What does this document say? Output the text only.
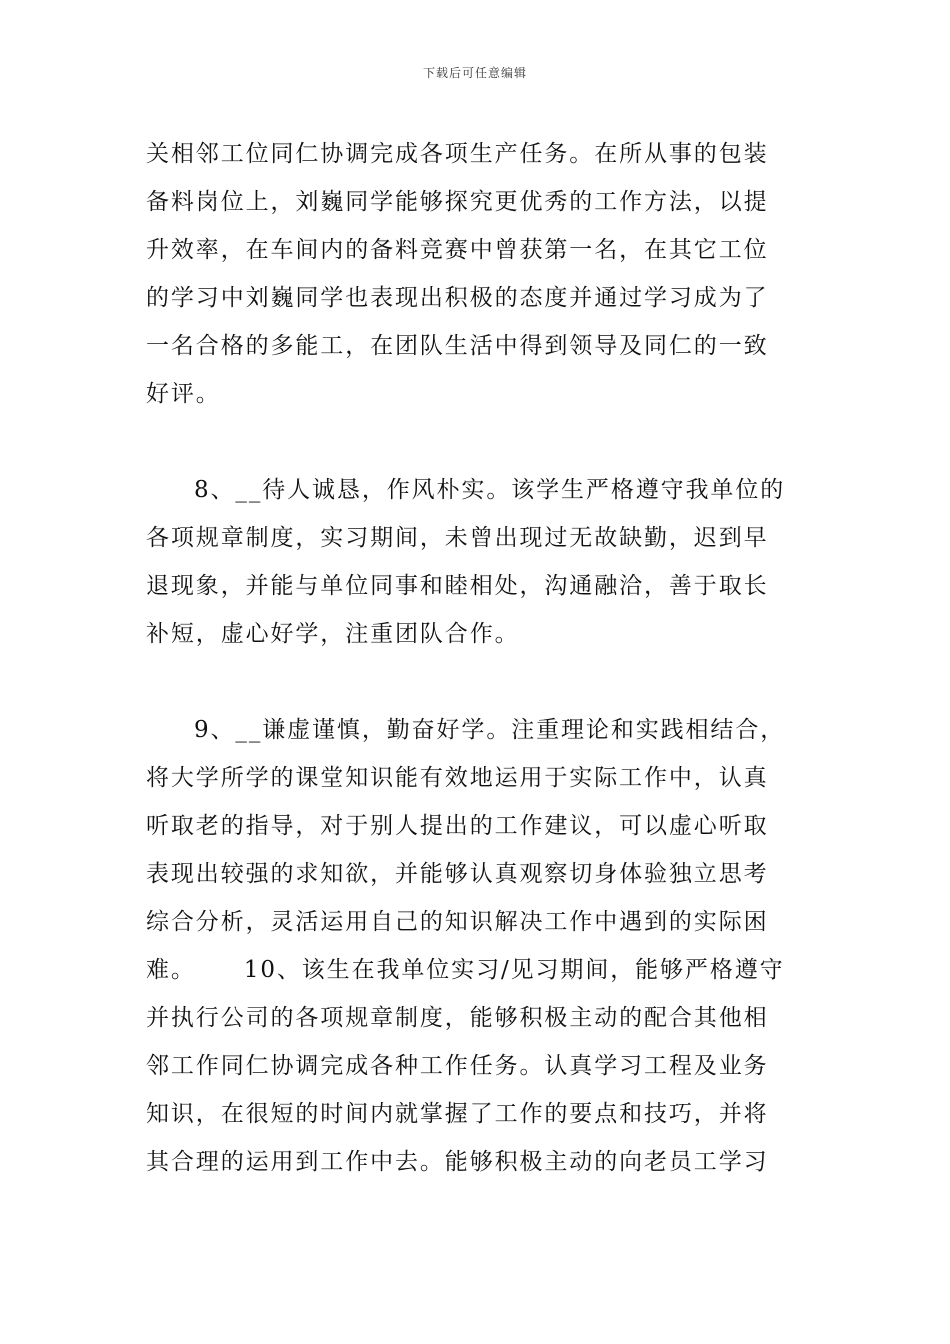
下载后可任意编辑
关相邻工位同仁协调完成各项生产任务。在所从事的包装
备料岗位上，刘巍同学能够探究更优秀的工作方法，以提
升效率，在车间内的备料竞赛中曾获第一名，在其它工位
的学习中刘巍同学也表现出积极的态度并通过学习成为了
一名合格的多能工，在团队生活中得到领导及同仁的一致
好评。
8、__待人诚恳，作风朴实。该学生严格遵守我单位的
各项规章制度，实习期间，未曾出现过无故缺勤，迟到早
退现象，并能与单位同事和睦相处，沟通融洽，善于取长
补短，虚心好学，注重团队合作。
9、__谦虚谨慎，勤奋好学。注重理论和实践相结合，
将大学所学的课堂知识能有效地运用于实际工作中，认真
听取老的指导，对于别人提出的工作建议，可以虚心听取
表现出较强的求知欲，并能够认真观察切身体验独立思考
综合分析，灵活运用自己的知识解决工作中遇到的实际困
难。 10、该生在我单位实习/见习期间，能够严格遵守
并执行公司的各项规章制度，能够积极主动的配合其他相
邻工作同仁协调完成各种工作任务。认真学习工程及业务
知识，在很短的时间内就掌握了工作的要点和技巧，并将
其合理的运用到工作中去。能够积极主动的向老员工学习
